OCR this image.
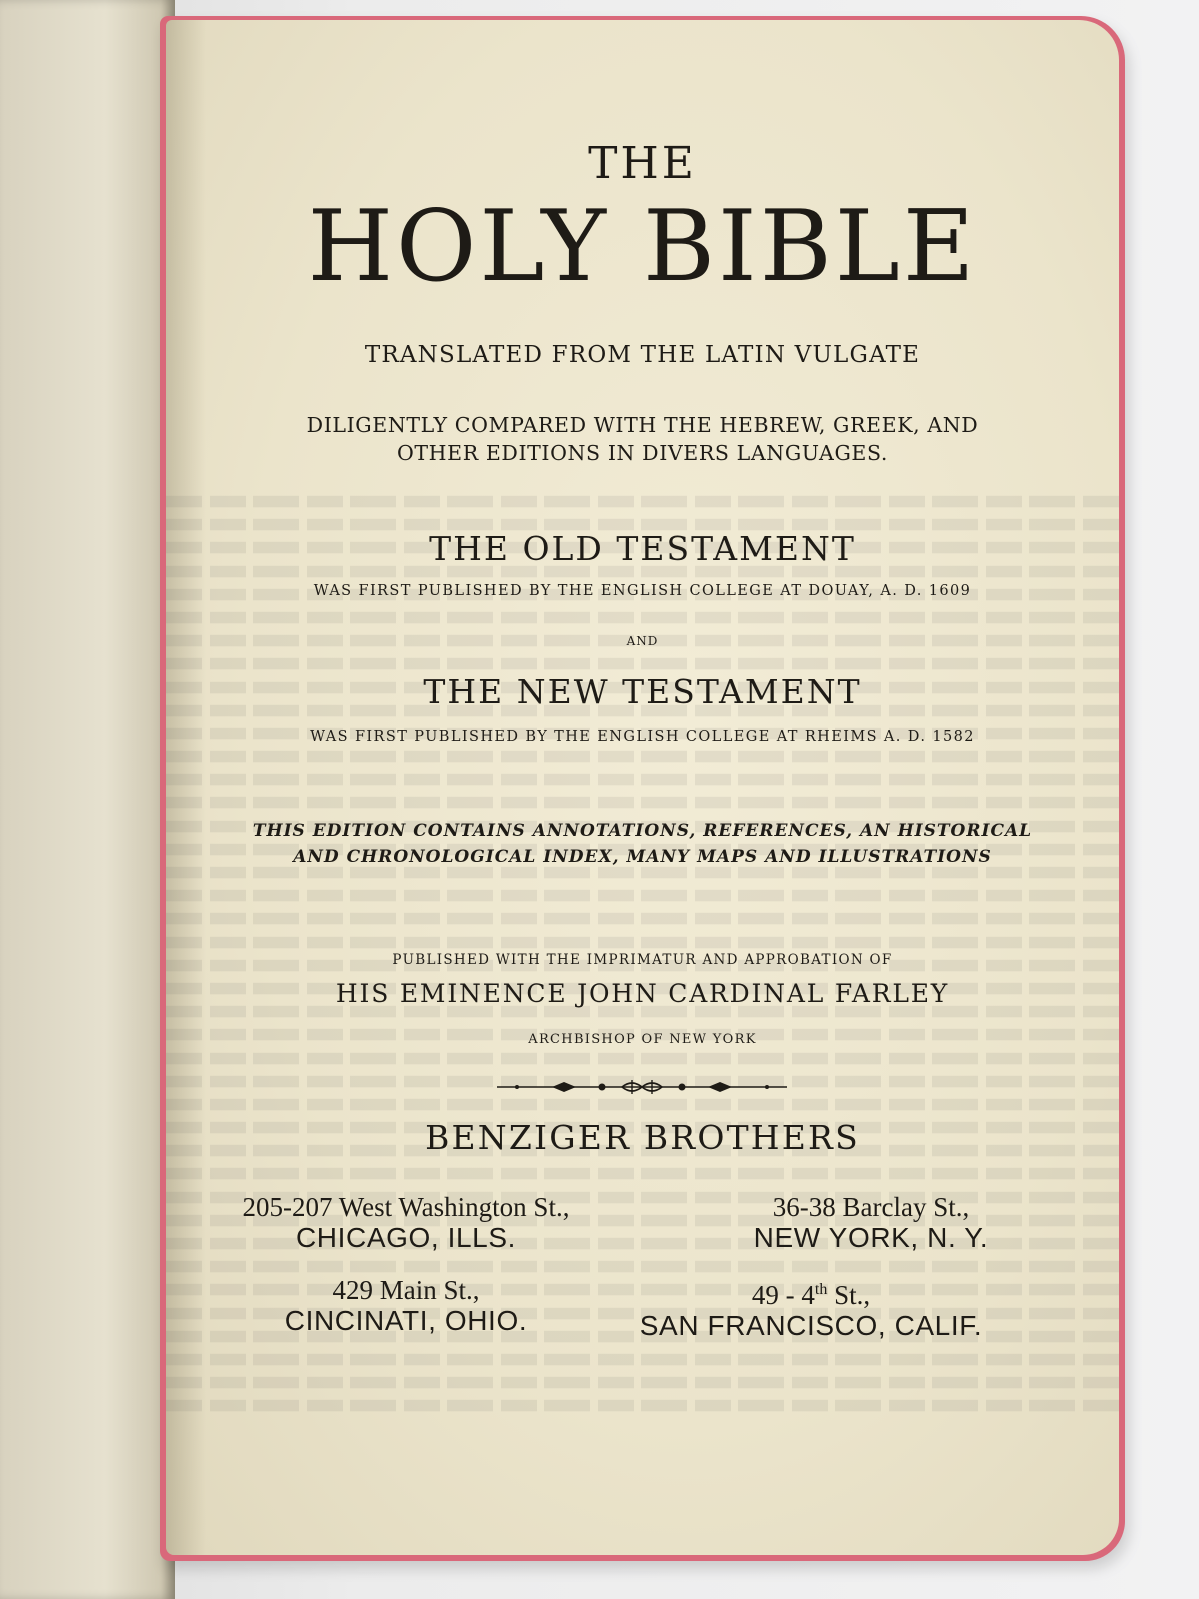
THE
HOLY BIBLE
TRANSLATED FROM THE LATIN VULGATE
DILIGENTLY COMPARED WITH THE HEBREW, GREEK, AND
OTHER EDITIONS IN DIVERS LANGUAGES.
THE OLD TESTAMENT
WAS FIRST PUBLISHED BY THE ENGLISH COLLEGE AT DOUAY, A. D. 1609
AND
THE NEW TESTAMENT
WAS FIRST PUBLISHED BY THE ENGLISH COLLEGE AT RHEIMS A. D. 1582
THIS EDITION CONTAINS ANNOTATIONS, REFERENCES, AN HISTORICAL
AND CHRONOLOGICAL INDEX, MANY MAPS AND ILLUSTRATIONS
PUBLISHED WITH THE IMPRIMATUR AND APPROBATION OF
HIS EMINENCE JOHN CARDINAL FARLEY
ARCHBISHOP OF NEW YORK
BENZIGER BROTHERS
205-207 West Washington St.,
CHICAGO, ILLS.
36-38 Barclay St.,
NEW YORK, N. Y.
429 Main St.,
CINCINATI, OHIO.
49 - 4th St.,
SAN FRANCISCO, CALIF.
